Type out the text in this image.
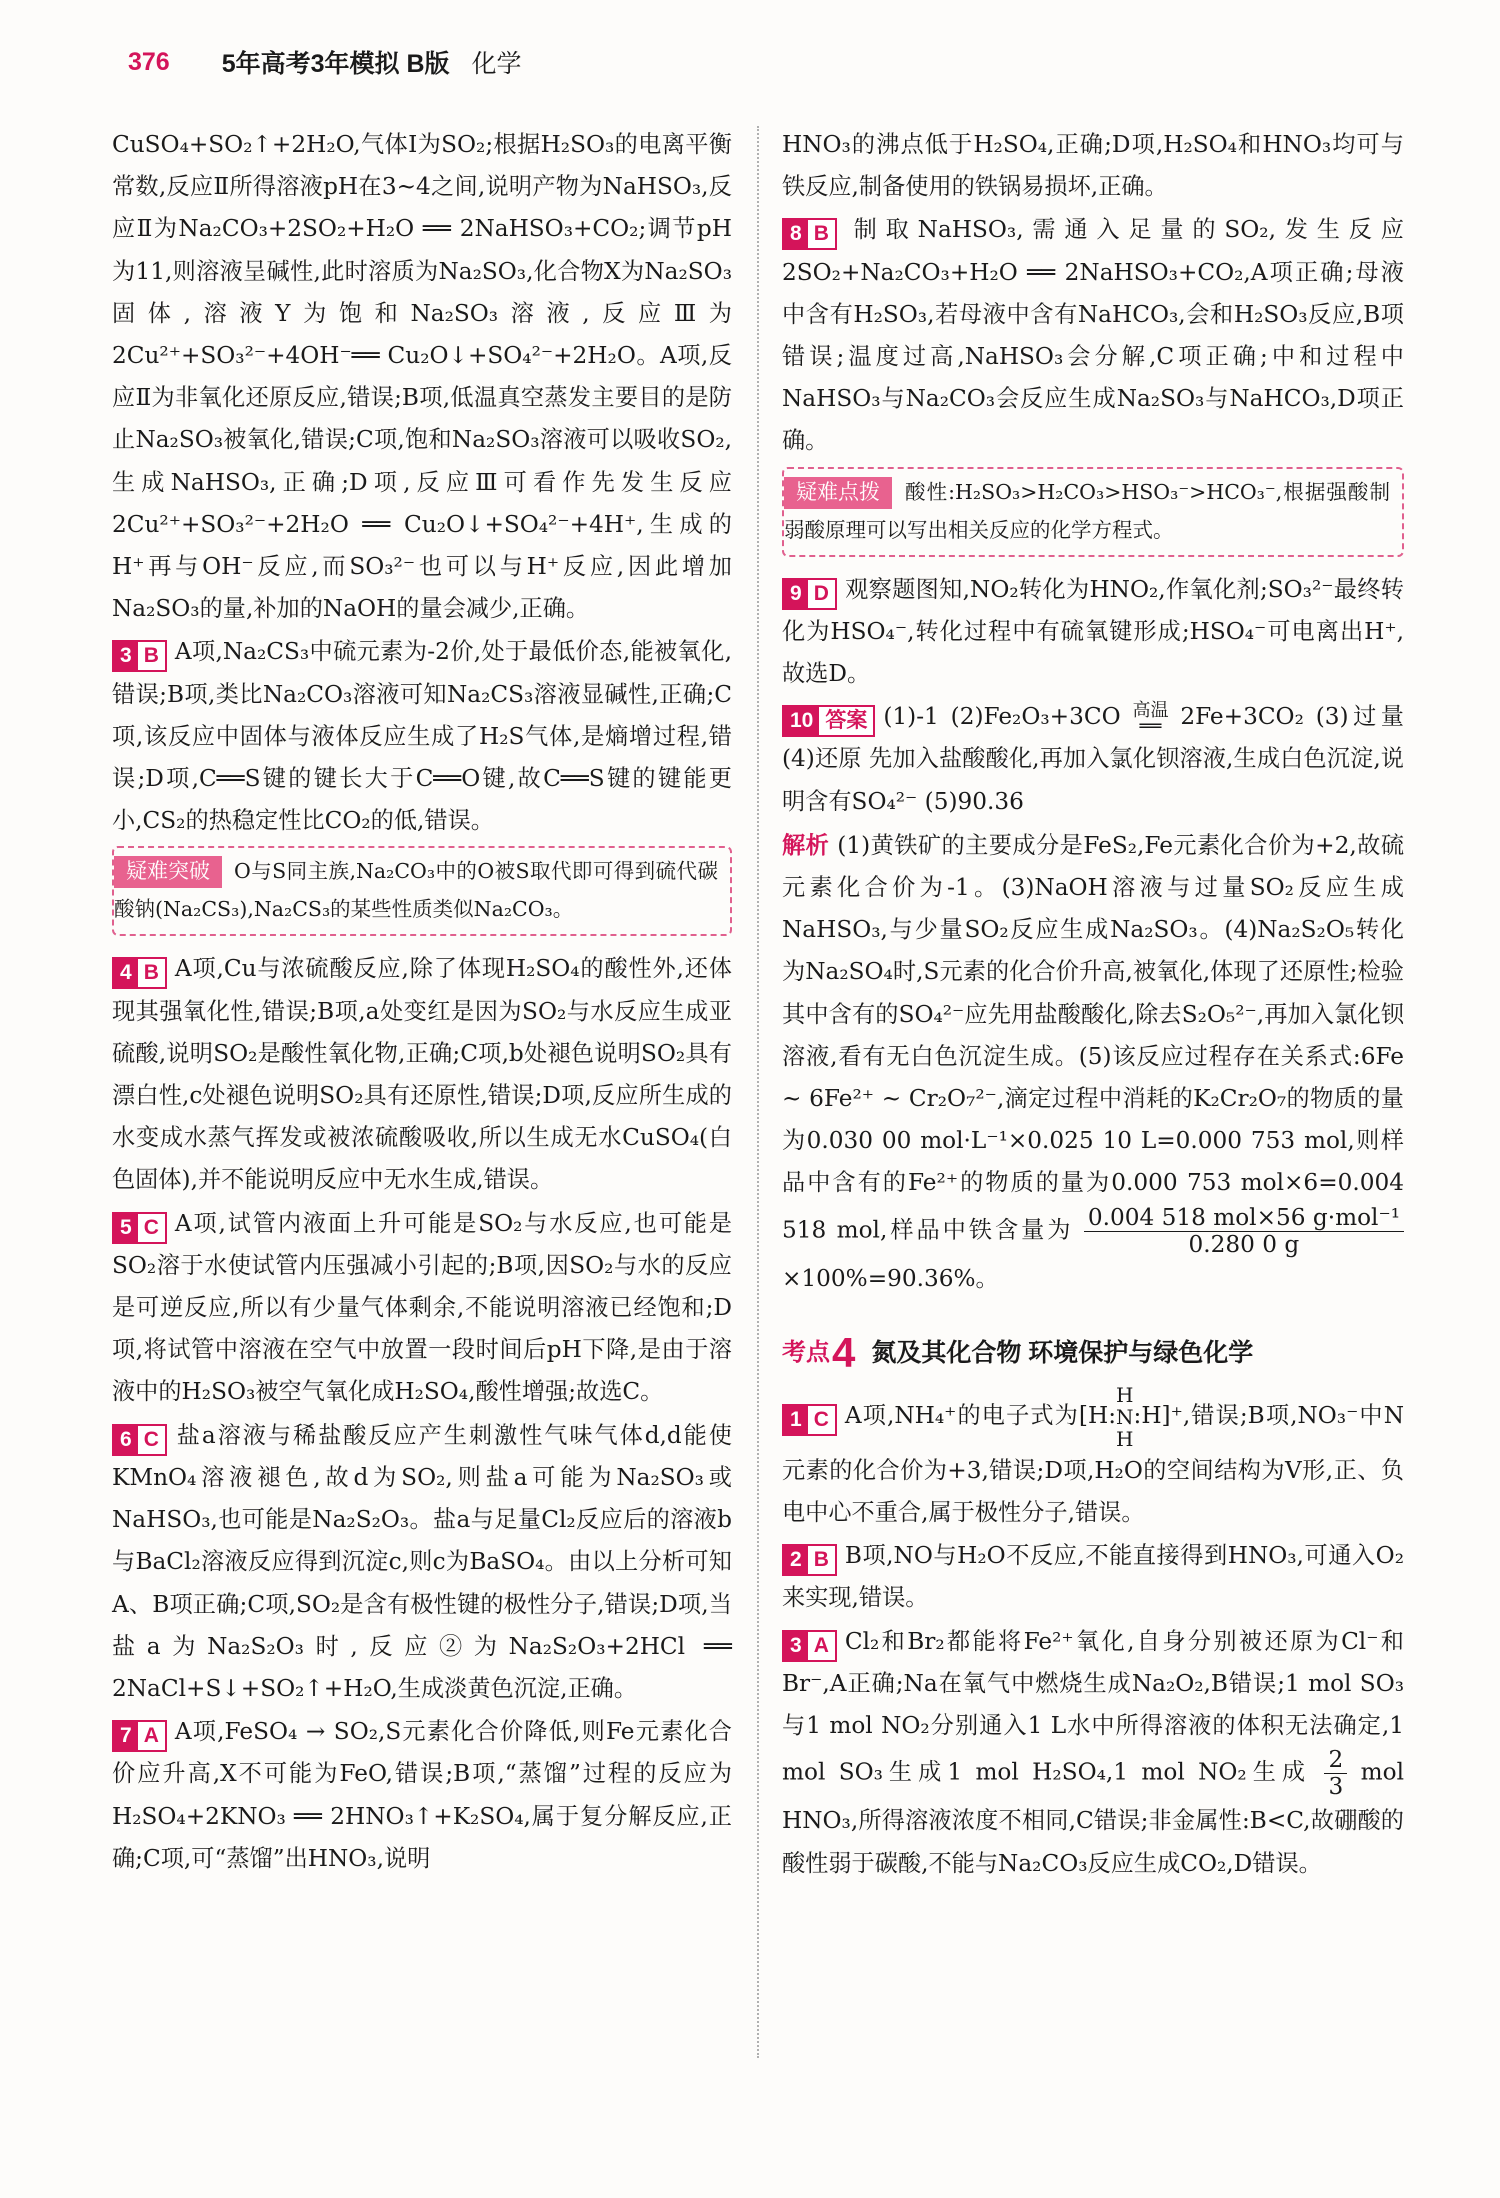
376 5年高考3年模拟 B版 化学

CuSO₄+SO₂↑+2H₂O,气体Ⅰ为SO₂;根据H₂SO₃的电离平衡常数,反应Ⅱ所得溶液pH在3~4之间,说明产物为NaHSO₃,反应Ⅱ为Na₂CO₃+2SO₂+H₂O ══ 2NaHSO₃+CO₂;调节pH为11,则溶液呈碱性,此时溶质为Na₂SO₃,化合物X为Na₂SO₃固体,溶液Y为饱和Na₂SO₃溶液,反应Ⅲ为2Cu²⁺+SO₃²⁻+4OH⁻══ Cu₂O↓+SO₄²⁻+2H₂O。A项,反应Ⅱ为非氧化还原反应,错误;B项,低温真空蒸发主要目的是防止Na₂SO₃被氧化,错误;C项,饱和Na₂SO₃溶液可以吸收SO₂,生成NaHSO₃,正确;D项,反应Ⅲ可看作先发生反应2Cu²⁺+SO₃²⁻+2H₂O ══ Cu₂O↓+SO₄²⁻+4H⁺,生成的H⁺再与OH⁻反应,而SO₃²⁻也可以与H⁺反应,因此增加Na₂SO₃的量,补加的NaOH的量会减少,正确。

3 B A项,Na₂CS₃中硫元素为-2价,处于最低价态,能被氧化,错误;B项,类比Na₂CO₃溶液可知Na₂CS₃溶液显碱性,正确;C项,该反应中固体与液体反应生成了H₂S气体,是熵增过程,错误;D项,C══S键的键长大于C══O键,故C══S键的键能更小,CS₂的热稳定性比CO₂的低,错误。

疑难突破 O与S同主族,Na₂CO₃中的O被S取代即可得到硫代碳酸钠(Na₂CS₃),Na₂CS₃的某些性质类似Na₂CO₃。

4 B A项,Cu与浓硫酸反应,除了体现H₂SO₄的酸性外,还体现其强氧化性,错误;B项,a处变红是因为SO₂与水反应生成亚硫酸,说明SO₂是酸性氧化物,正确;C项,b处褪色说明SO₂具有漂白性,c处褪色说明SO₂具有还原性,错误;D项,反应所生成的水变成水蒸气挥发或被浓硫酸吸收,所以生成无水CuSO₄(白色固体),并不能说明反应中无水生成,错误。

5 C A项,试管内液面上升可能是SO₂与水反应,也可能是SO₂溶于水使试管内压强减小引起的;B项,因SO₂与水的反应是可逆反应,所以有少量气体剩余,不能说明溶液已经饱和;D项,将试管中溶液在空气中放置一段时间后pH下降,是由于溶液中的H₂SO₃被空气氧化成H₂SO₄,酸性增强;故选C。

6 C 盐a溶液与稀盐酸反应产生刺激性气味气体d,d能使KMnO₄溶液褪色,故d为SO₂,则盐a可能为Na₂SO₃或NaHSO₃,也可能是Na₂S₂O₃。盐a与足量Cl₂反应后的溶液b与BaCl₂溶液反应得到沉淀c,则c为BaSO₄。由以上分析可知A、B项正确;C项,SO₂是含有极性键的极性分子,错误;D项,当盐a为Na₂S₂O₃时,反应②为Na₂S₂O₃+2HCl ══ 2NaCl+S↓+SO₂↑+H₂O,生成淡黄色沉淀,正确。

7 A A项,FeSO₄ → SO₂,S元素化合价降低,则Fe元素化合价应升高,X不可能为FeO,错误;B项,“蒸馏”过程的反应为H₂SO₄+2KNO₃ ══ 2HNO₃↑+K₂SO₄,属于复分解反应,正确;C项,可“蒸馏”出HNO₃,说明

HNO₃的沸点低于H₂SO₄,正确;D项,H₂SO₄和HNO₃均可与铁反应,制备使用的铁锅易损坏,正确。

8 B 制取NaHSO₃,需通入足量的SO₂,发生反应2SO₂+Na₂CO₃+H₂O ══ 2NaHSO₃+CO₂,A项正确;母液中含有H₂SO₃,若母液中含有NaHCO₃,会和H₂SO₃反应,B项错误;温度过高,NaHSO₃会分解,C项正确;中和过程中NaHSO₃与Na₂CO₃会反应生成Na₂SO₃与NaHCO₃,D项正确。

疑难点拨 酸性:H₂SO₃>H₂CO₃>HSO₃⁻>HCO₃⁻,根据强酸制弱酸原理可以写出相关反应的化学方程式。

9 D 观察题图知,NO₂转化为HNO₂,作氧化剂;SO₃²⁻最终转化为HSO₄⁻,转化过程中有硫氧键形成;HSO₄⁻可电离出H⁺,故选D。

10 答案 (1)-1 (2)Fe₂O₃+3CO 高温
══ 2Fe+3CO₂ (3)过量 (4)还原 先加入盐酸酸化,再加入氯化钡溶液,生成白色沉淀,说明含有SO₄²⁻ (5)90.36

解析 (1)黄铁矿的主要成分是FeS₂,Fe元素化合价为+2,故硫元素化合价为-1。(3)NaOH溶液与过量SO₂反应生成NaHSO₃,与少量SO₂反应生成Na₂SO₃。(4)Na₂S₂O₅转化为Na₂SO₄时,S元素的化合价升高,被氧化,体现了还原性;检验其中含有的SO₄²⁻应先用盐酸酸化,除去S₂O₅²⁻,再加入氯化钡溶液,看有无白色沉淀生成。(5)该反应过程存在关系式:6Fe ~ 6Fe²⁺ ~ Cr₂O₇²⁻,滴定过程中消耗的K₂Cr₂O₇的物质的量为0.030 00 mol·L⁻¹×0.025 10 L=0.000 753 mol,则样品中含有的Fe²⁺的物质的量为0.000 753 mol×6=0.004 518 mol,样品中铁含量为 $\frac{\text{0.004 518 mol×56 g·mol⁻¹}}{0.280 0 g}$
×100%=90.36%。

考点 4 氮及其化合物 环境保护与绿色化学

1 C A项,NH₄⁺的电子式为[H:
H
N
H
:H]⁺,错误;B项,NO₃⁻中N元素的化合价为+3,错误;D项,H₂O的空间结构为V形,正、负电中心不重合,属于极性分子,错误。

2 B B项,NO与H₂O不反应,不能直接得到HNO₃,可通入O₂来实现,错误。

3 A Cl₂和Br₂都能将Fe²⁺氧化,自身分别被还原为Cl⁻和Br⁻,A正确;Na在氧气中燃烧生成Na₂O₂,B错误;1 mol SO₃与1 mol NO₂分别通入1 L水中所得溶液的体积无法确定,1 mol SO₃生成1 mol H₂SO₄,1 mol NO₂生成 $\frac{2}{3}$ mol HNO₃,所得溶液浓度不相同,C错误;非金属性:B<C,故硼酸的酸性弱于碳酸,不能与Na₂CO₃反应生成CO₂,D错误。
